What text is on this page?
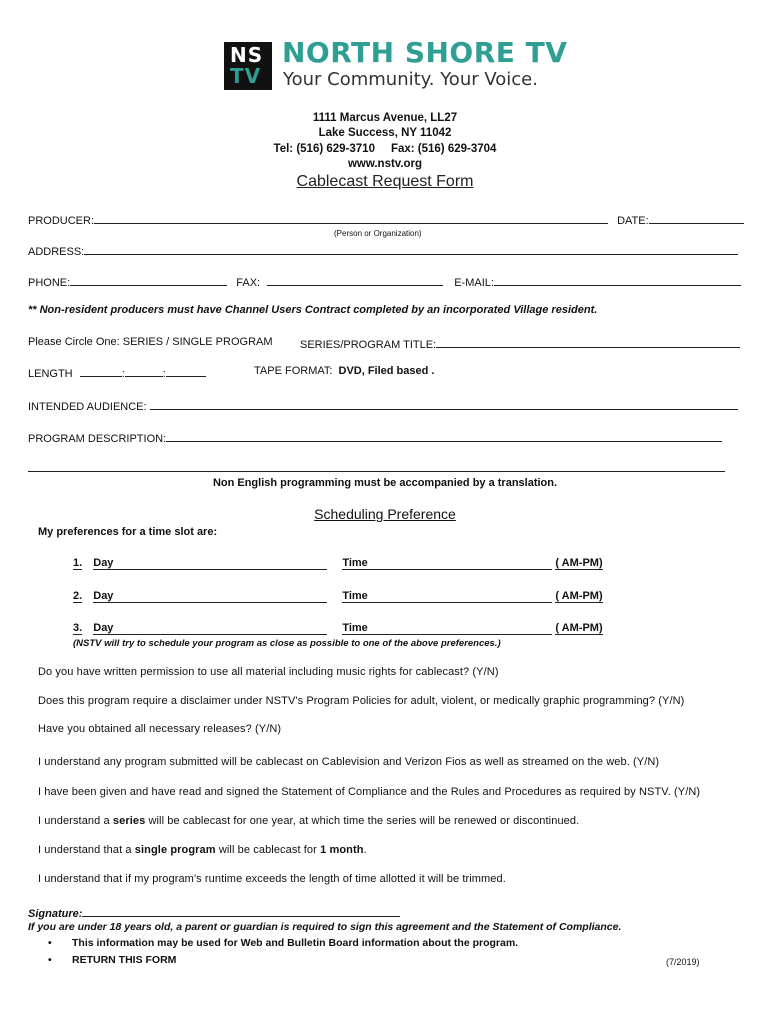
NS
TV
NORTH SHORE TV
Your Community. Your Voice.
1111 Marcus Avenue, LL27
Lake Success, NY 11042
Tel: (516) 629-3710     Fax: (516) 629-3704
www.nstv.org
Cablecast Request Form
PRODUCER:	DATE:
(Person or Organization)
ADDRESS:
PHONE:	FAX:	E-MAIL:
** Non-resident producers must have Channel Users Contract completed by an incorporated Village resident.
Please Circle One: SERIES / SINGLE PROGRAM SERIES/PROGRAM TITLE:
LENGTH	:	:	TAPE FORMAT: DVD, Filed based .
INTENDED AUDIENCE:
PROGRAM DESCRIPTION:
Non English programming must be accompanied by a translation.
Scheduling Preference
My preferences for a time slot are:
1. Day	Time	( AM-PM)
2. Day	Time	( AM-PM)
3. Day	Time	( AM-PM)
(NSTV will try to schedule your program as close as possible to one of the above preferences.)
Do you have written permission to use all material including music rights for cablecast? (Y/N)
Does this program require a disclaimer under NSTV's Program Policies for adult, violent, or medically graphic programming? (Y/N)
Have you obtained all necessary releases? (Y/N)
I understand any program submitted will be cablecast on Cablevision and Verizon Fios as well as streamed on the web. (Y/N)
I have been given and have read and signed the Statement of Compliance and the Rules and Procedures as required by NSTV. (Y/N)
I understand a series will be cablecast for one year, at which time the series will be renewed or discontinued.
I understand that a single program will be cablecast for 1 month.
I understand that if my program's runtime exceeds the length of time allotted it will be trimmed.
Signature:
If you are under 18 years old, a parent or guardian is required to sign this agreement and the Statement of Compliance.
• This information may be used for Web and Bulletin Board information about the program.
• RETURN THIS FORM	(7/2019)
